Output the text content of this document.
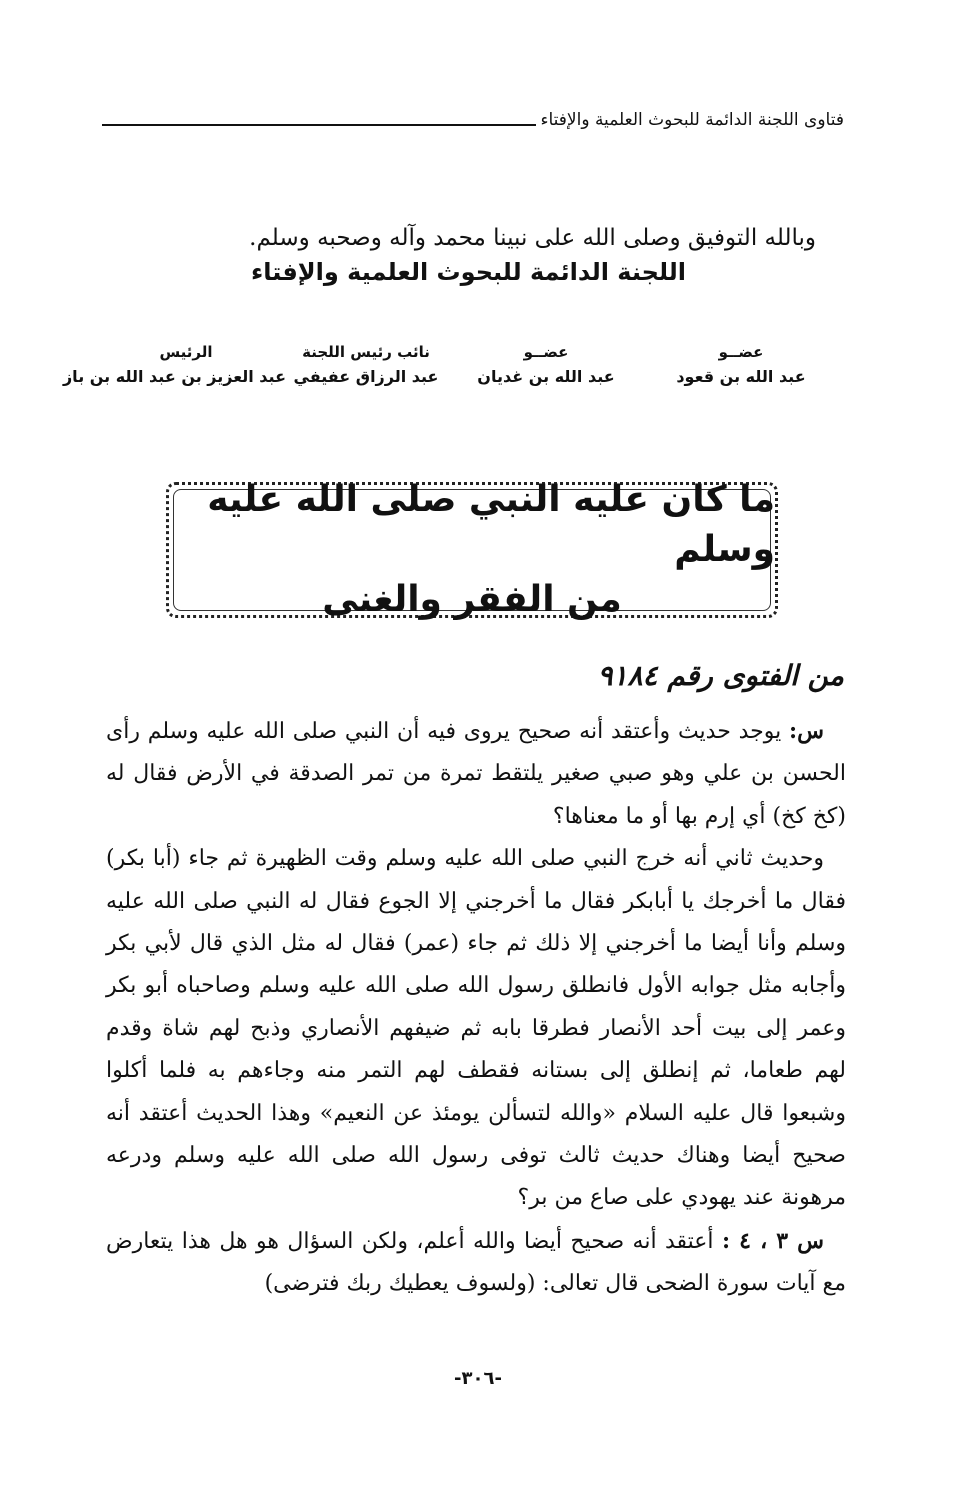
فتاوى اللجنة الدائمة للبحوث العلمية والإفتاء
وبالله التوفيق وصلى الله على نبينا محمد وآله وصحبه وسلم.
اللجنة الدائمة للبحوث العلمية والإفتاء
عضــو
عبد الله بن قعود
عضــو
عبد الله بن غديان
نائب رئيس اللجنة
عبد الرزاق عفيفي
الرئيس
عبد العزيز بن عبد الله بن باز
ما كان عليه النبي صلى الله عليه وسلم
من الفقر والغنى
من الفتوى رقم ٩١٨٤

س: يوجد حديث وأعتقد أنه صحيح يروى فيه أن النبي صلى الله عليه وسلم رأى الحسن بن علي وهو صبي صغير يلتقط تمرة من تمر الصدقة في الأرض فقال له (كخ كخ) أي إرم بها أو ما معناها؟

وحديث ثاني أنه خرج النبي صلى الله عليه وسلم وقت الظهيرة ثم جاء (أبا بكر) فقال ما أخرجك يا أبابكر فقال ما أخرجني إلا الجوع فقال له النبي صلى الله عليه وسلم وأنا أيضا ما أخرجني إلا ذلك ثم جاء (عمر) فقال له مثل الذي قال لأبي بكر وأجابه مثل جوابه الأول فانطلق رسول الله صلى الله عليه وسلم وصاحباه أبو بكر وعمر إلى بيت أحد الأنصار فطرقا بابه ثم ضيفهم الأنصاري وذبح لهم شاة وقدم لهم طعاما، ثم إنطلق إلى بستانه فقطف لهم التمر منه وجاءهم به فلما أكلوا وشبعوا قال عليه السلام «والله لتسألن يومئذ عن النعيم» وهذا الحديث أعتقد أنه صحيح أيضا وهناك حديث ثالث توفى رسول الله صلى الله عليه وسلم ودرعه مرهونة عند يهودي على صاع من بر؟

س ٣ ، ٤ : أعتقد أنه صحيح أيضا والله أعلم، ولكن السؤال هو هل هذا يتعارض مع آيات سورة الضحى قال تعالى: (ولسوف يعطيك ربك فترضى)

-٣٠٦-
